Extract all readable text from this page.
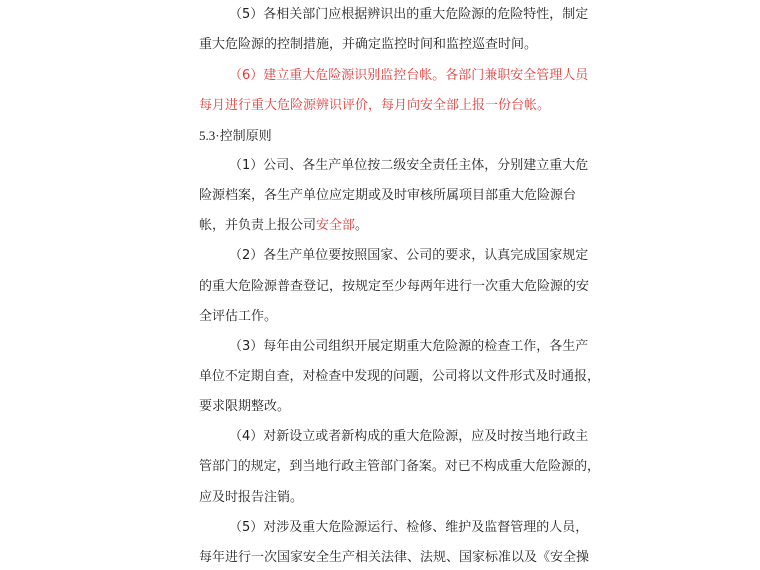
（5）各相关部门应根据辨识出的重大危险源的危险特性，制定
重大危险源的控制措施，并确定监控时间和监控巡查时间。
（6）建立重大危险源识别监控台帐。各部门兼职安全管理人员
每月进行重大危险源辨识评价，每月向安全部上报一份台帐。
5.3·控制原则
（1）公司、各生产单位按二级安全责任主体，分别建立重大危
险源档案，各生产单位应定期或及时审核所属项目部重大危险源台
帐，并负责上报公司安全部。
（2）各生产单位要按照国家、公司的要求，认真完成国家规定
的重大危险源普查登记，按规定至少每两年进行一次重大危险源的安
全评估工作。
（3）每年由公司组织开展定期重大危险源的检查工作，各生产
单位不定期自查，对检查中发现的问题，公司将以文件形式及时通报，
要求限期整改。
（4）对新设立或者新构成的重大危险源，应及时按当地行政主
管部门的规定，到当地行政主管部门备案。对已不构成重大危险源的，
应及时报告注销。
（5）对涉及重大危险源运行、检修、维护及监督管理的人员，
每年进行一次国家安全生产相关法律、法规、国家标准以及《安全操
